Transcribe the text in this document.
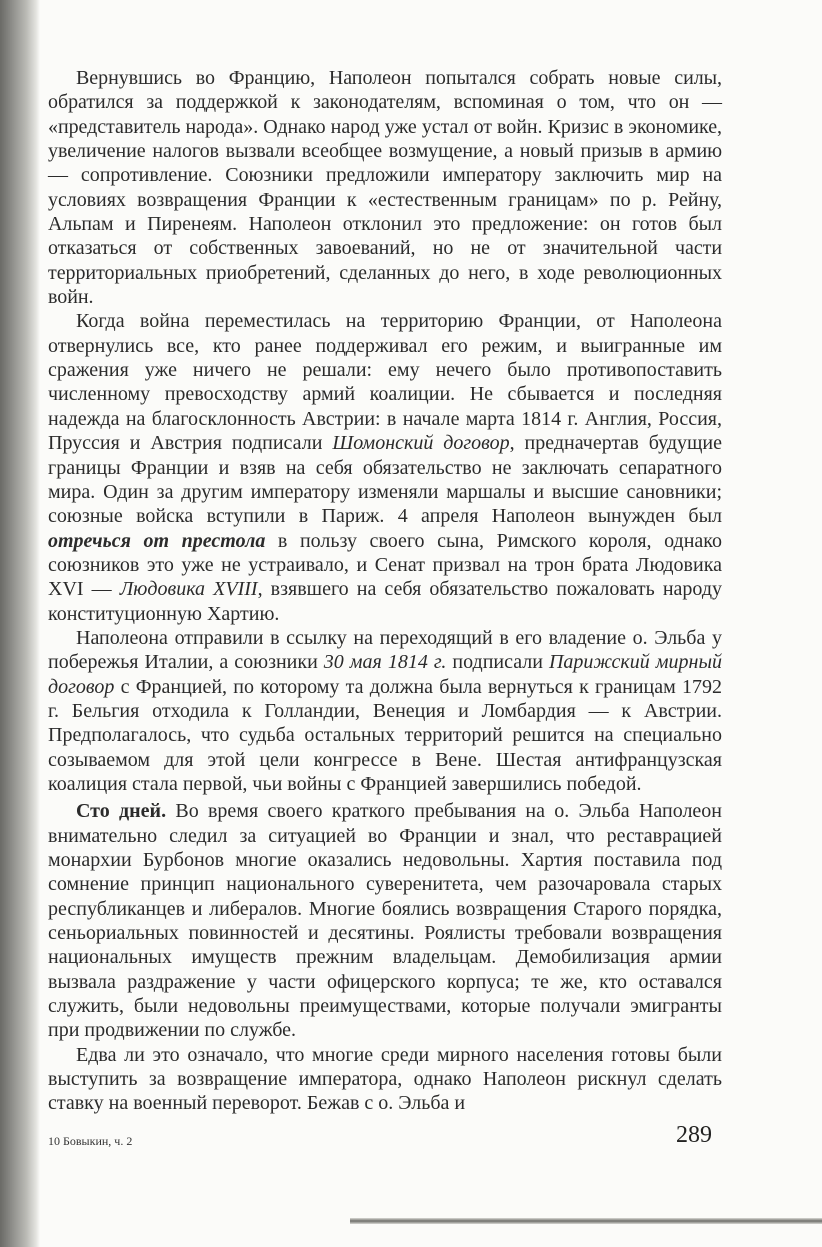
Вернувшись во Францию, Наполеон попытался собрать новые силы, обратился за поддержкой к законодателям, вспоминая о том, что он — «представитель народа». Однако народ уже устал от войн. Кризис в экономике, увеличение налогов вызвали всеобщее возмущение, а новый призыв в армию — сопротивление. Союзники предложили императору заключить мир на условиях возвращения Франции к «естественным границам» по р. Рейну, Альпам и Пиренеям. Наполеон отклонил это предложение: он готов был отказаться от собственных завоеваний, но не от значительной части территориальных приобретений, сделанных до него, в ходе революционных войн.

Когда война переместилась на территорию Франции, от Наполеона отвернулись все, кто ранее поддерживал его режим, и выигранные им сражения уже ничего не решали: ему нечего было противопоставить численному превосходству армий коалиции. Не сбывается и последняя надежда на благосклонность Австрии: в начале марта 1814 г. Англия, Россия, Пруссия и Австрия подписали Шомонский договор, предначертав будущие границы Франции и взяв на себя обязательство не заключать сепаратного мира. Один за другим императору изменяли маршалы и высшие сановники; союзные войска вступили в Париж. 4 апреля Наполеон вынужден был отречься от престола в пользу своего сына, Римского короля, однако союзников это уже не устраивало, и Сенат призвал на трон брата Людовика XVI — Людовика XVIII, взявшего на себя обязательство пожаловать народу конституционную Хартию.

Наполеона отправили в ссылку на переходящий в его владение о. Эльба у побережья Италии, а союзники 30 мая 1814 г. подписали Парижский мирный договор с Францией, по которому та должна была вернуться к границам 1792 г. Бельгия отходила к Голландии, Венеция и Ломбардия — к Австрии. Предполагалось, что судьба остальных территорий решится на специально созываемом для этой цели конгрессе в Вене. Шестая антифранцузская коалиция стала первой, чьи войны с Францией завершились победой.

Сто дней. Во время своего краткого пребывания на о. Эльба Наполеон внимательно следил за ситуацией во Франции и знал, что реставрацией монархии Бурбонов многие оказались недовольны. Хартия поставила под сомнение принцип национального суверенитета, чем разочаровала старых республиканцев и либералов. Многие боялись возвращения Старого порядка, сеньориальных повинностей и десятины. Роялисты требовали возвращения национальных имуществ прежним владельцам. Демобилизация армии вызвала раздражение у части офицерского корпуса; те же, кто оставался служить, были недовольны преимуществами, которые получали эмигранты при продвижении по службе.

Едва ли это означало, что многие среди мирного населения готовы были выступить за возвращение императора, однако Наполеон рискнул сделать ставку на военный переворот. Бежав с о. Эльба и

10 Бовыкин, ч. 2	289
